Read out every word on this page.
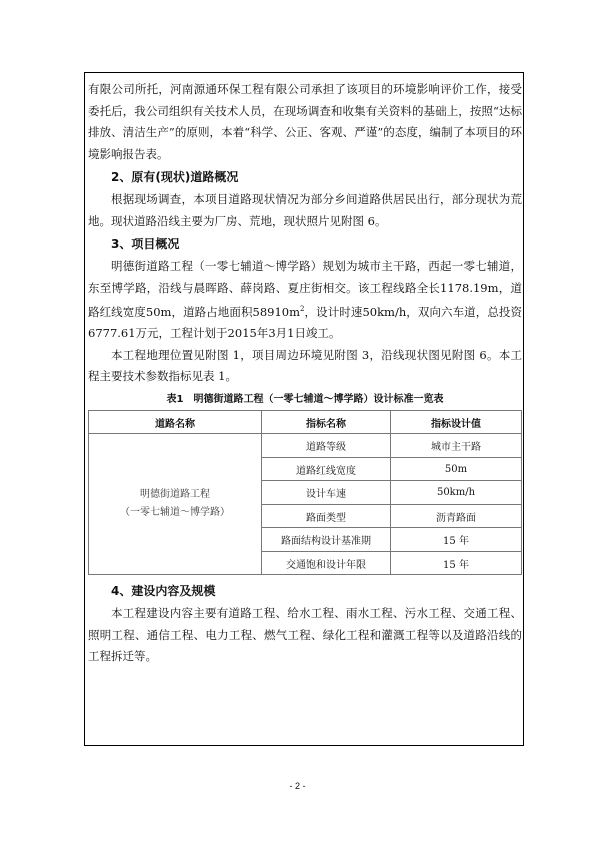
有限公司所托，河南源通环保工程有限公司承担了该项目的环境影响评价工作，接受委托后，我公司组织有关技术人员，在现场调查和收集有关资料的基础上，按照“达标排放、清洁生产”的原则，本着“科学、公正、客观、严谨”的态度，编制了本项目的环境影响报告表。

2、原有(现状)道路概况

根据现场调查，本项目道路现状情况为部分乡间道路供居民出行，部分现状为荒地。现状道路沿线主要为厂房、荒地，现状照片见附图 6。

3、项目概况

明德街道路工程（一零七辅道～博学路）规划为城市主干路，西起一零七辅道，东至博学路，沿线与晨晖路、薛岗路、夏庄街相交。该工程线路全长1178.19m，道路红线宽度50m，道路占地面积$58910m^2$，设计时速50km/h，双向六车道，总投资6777.61万元，工程计划于2015年3月1日竣工。

本工程地理位置见附图 1，项目周边环境见附图 3，沿线现状图见附图 6。本工程主要技术参数指标见表 1。

表1　明德街道路工程（一零七辅道～博学路）设计标准一览表
道路名称	指标名称	指标设计值

明德街道路工程
（一零七辅道～博学路）	道路等级	城市主干路
	道路红线宽度	50m
	设计车速	50km/h
	路面类型	沥青路面
	路面结构设计基准期	15 年
	交通饱和设计年限	15 年
4、建设内容及规模

本工程建设内容主要有道路工程、给水工程、雨水工程、污水工程、交通工程、照明工程、通信工程、电力工程、燃气工程、绿化工程和灌溉工程等以及道路沿线的工程拆迁等。

- 2 -
